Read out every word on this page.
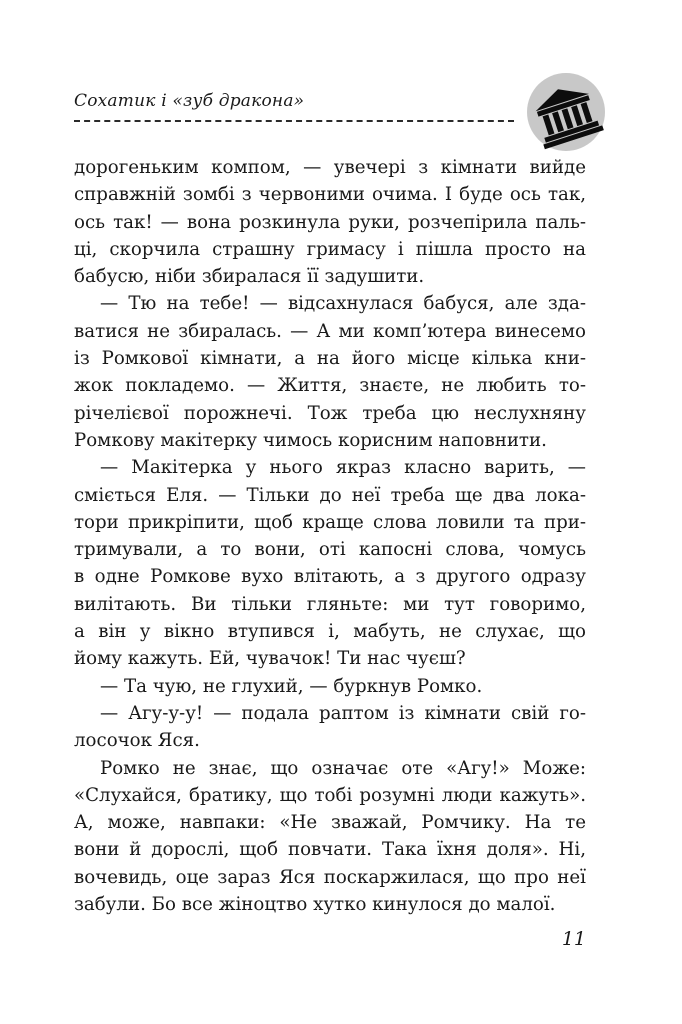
Сохатик і «зуб дракона»

дорогеньким компом, — увечері з кімнати вийде
справжній зомбі з червоними очима. І буде ось так,
ось так! — вона розкинула руки, розчепірила паль-
ці, скорчила страшну гримасу і пішла просто на
бабусю, ніби збиралася її задушити.

— Тю на тебе! — відсахнулася бабуся, але зда-
ватися не збиралась. — А ми комп’ютера винесемо
із Ромкової кімнати, а на його місце кілька кни-
жок покладемо. — Життя, знаєте, не любить то-
річелієвої порожнечі. Тож треба цю неслухняну
Ромкову макітерку чимось корисним наповнити.

— Макітерка у нього якраз класно варить, —
сміється Еля. — Тільки до неї треба ще два лока-
тори прикріпити, щоб краще слова ловили та при-
тримували, а то вони, оті капосні слова, чомусь
в одне Ромкове вухо влітають, а з другого одразу
вилітають. Ви тільки гляньте: ми тут говоримо,
а він у вікно втупився і, мабуть, не слухає, що
йому кажуть. Ей, чувачок! Ти нас чуєш?

— Та чую, не глухий, — буркнув Ромко.

— Агу-у-у! — подала раптом із кімнати свій го-
лосочок Яся.

Ромко не знає, що означає оте «Агу!» Може:
«Слухайся, братику, що тобі розумні люди кажуть».
А, може, навпаки: «Не зважай, Ромчику. На те
вони й дорослі, щоб повчати. Така їхня доля». Ні,
вочевидь, оце зараз Яся поскаржилася, що про неї
забули. Бо все жіноцтво хутко кинулося до малої.

11
